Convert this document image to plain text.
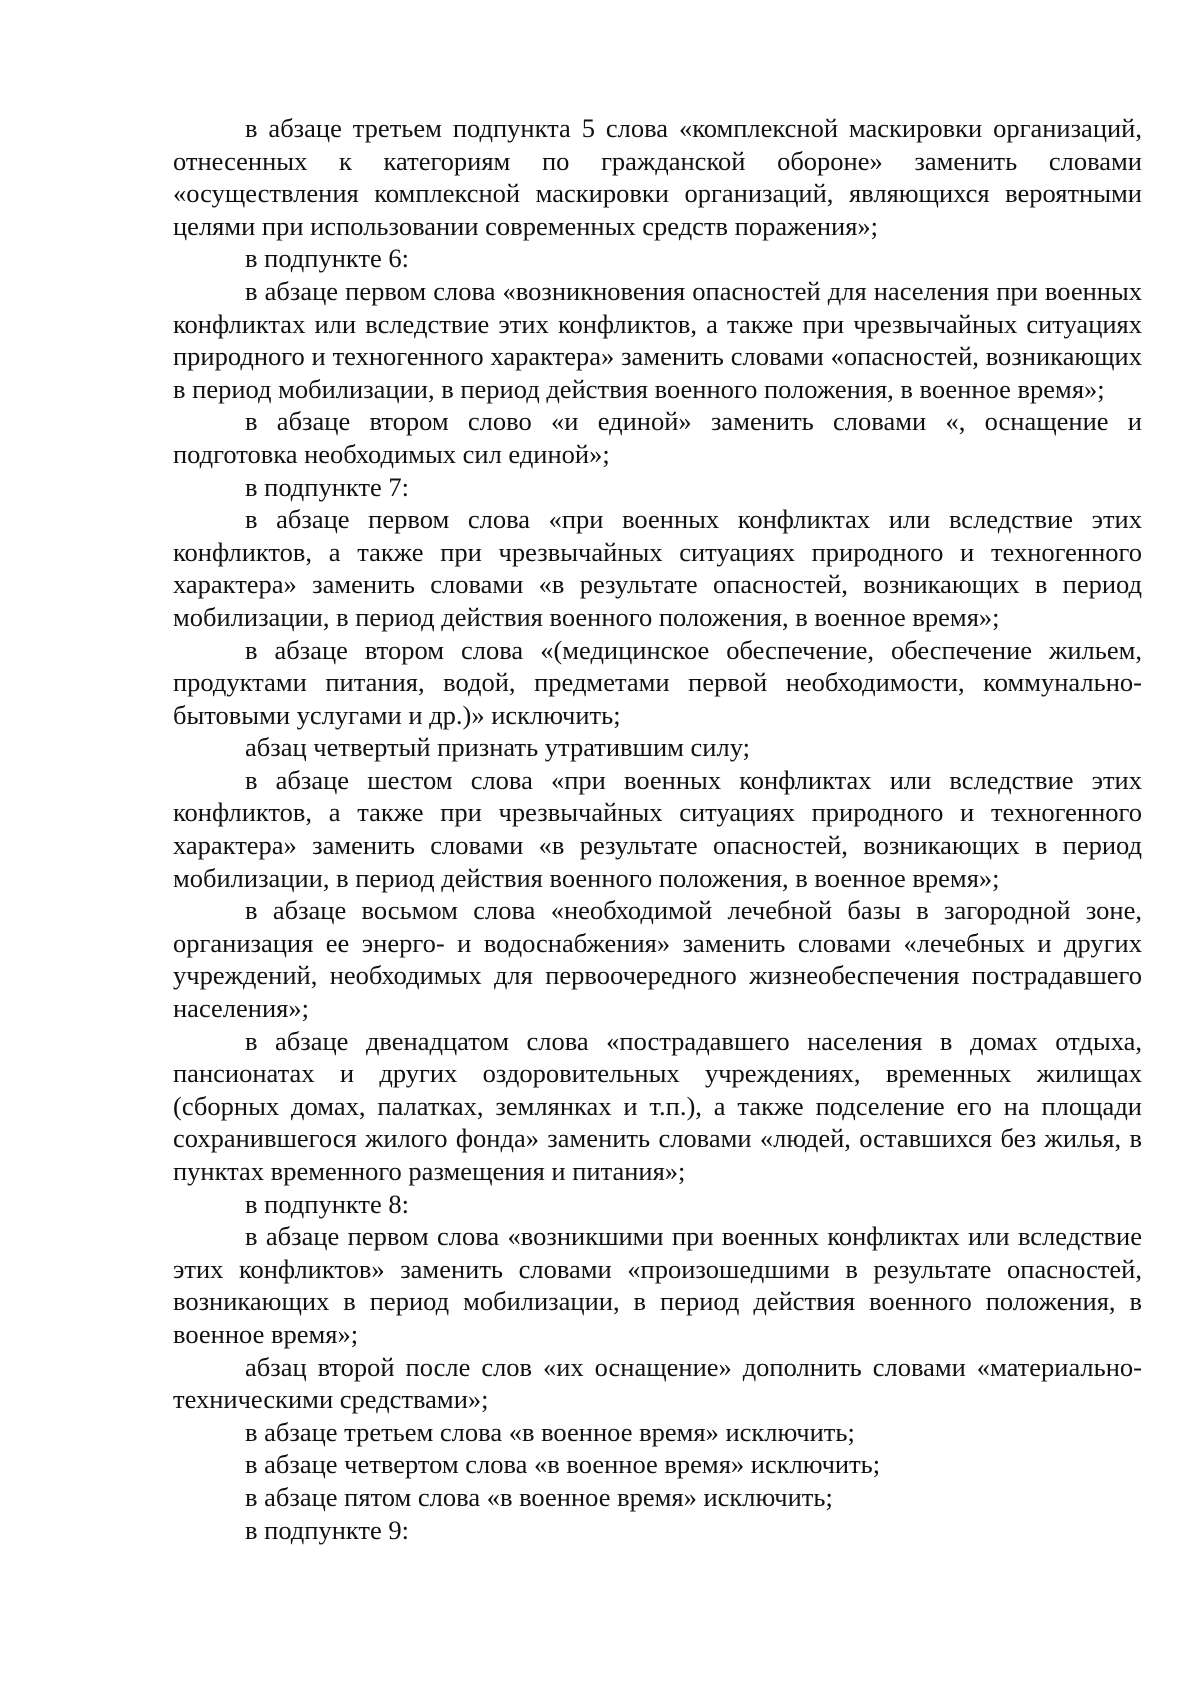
в абзаце третьем подпункта 5 слова «комплексной маскировки организаций, отнесенных к категориям по гражданской обороне» заменить словами «осуществления комплексной маскировки организаций, являющихся вероятными целями при использовании современных средств поражения»;

в подпункте 6:

в абзаце первом слова «возникновения опасностей для населения при военных конфликтах или вследствие этих конфликтов, а также при чрезвычайных ситуациях природного и техногенного характера» заменить словами «опасностей, возникающих в период мобилизации, в период действия военного положения, в военное время»;

в абзаце втором слово «и единой» заменить словами «, оснащение и подготовка необходимых сил единой»;

в подпункте 7:

в абзаце первом слова «при военных конфликтах или вследствие этих конфликтов, а также при чрезвычайных ситуациях природного и техногенного характера» заменить словами «в результате опасностей, возникающих в период мобилизации, в период действия военного положения, в военное время»;

в абзаце втором слова «(медицинское обеспечение, обеспечение жильем, продуктами питания, водой, предметами первой необходимости, коммунально-бытовыми услугами и др.)» исключить;

абзац четвертый признать утратившим силу;

в абзаце шестом слова «при военных конфликтах или вследствие этих конфликтов, а также при чрезвычайных ситуациях природного и техногенного характера» заменить словами «в результате опасностей, возникающих в период мобилизации, в период действия военного положения, в военное время»;

в абзаце восьмом слова «необходимой лечебной базы в загородной зоне, организация ее энерго- и водоснабжения» заменить словами «лечебных и других учреждений, необходимых для первоочередного жизнеобеспечения пострадавшего населения»;

в абзаце двенадцатом слова «пострадавшего населения в домах отдыха, пансионатах и других оздоровительных учреждениях, временных жилищах (сборных домах, палатках, землянках и т.п.), а также подселение его на площади сохранившегося жилого фонда» заменить словами «людей, оставшихся без жилья, в пунктах временного размещения и питания»;

в подпункте 8:

в абзаце первом слова «возникшими при военных конфликтах или вследствие этих конфликтов» заменить словами «произошедшими в результате опасностей, возникающих в период мобилизации, в период действия военного положения, в военное время»;

абзац второй после слов «их оснащение» дополнить словами «материально-техническими средствами»;

в абзаце третьем слова «в военное время» исключить;

в абзаце четвертом слова «в военное время» исключить;

в абзаце пятом слова «в военное время» исключить;

в подпункте 9:
